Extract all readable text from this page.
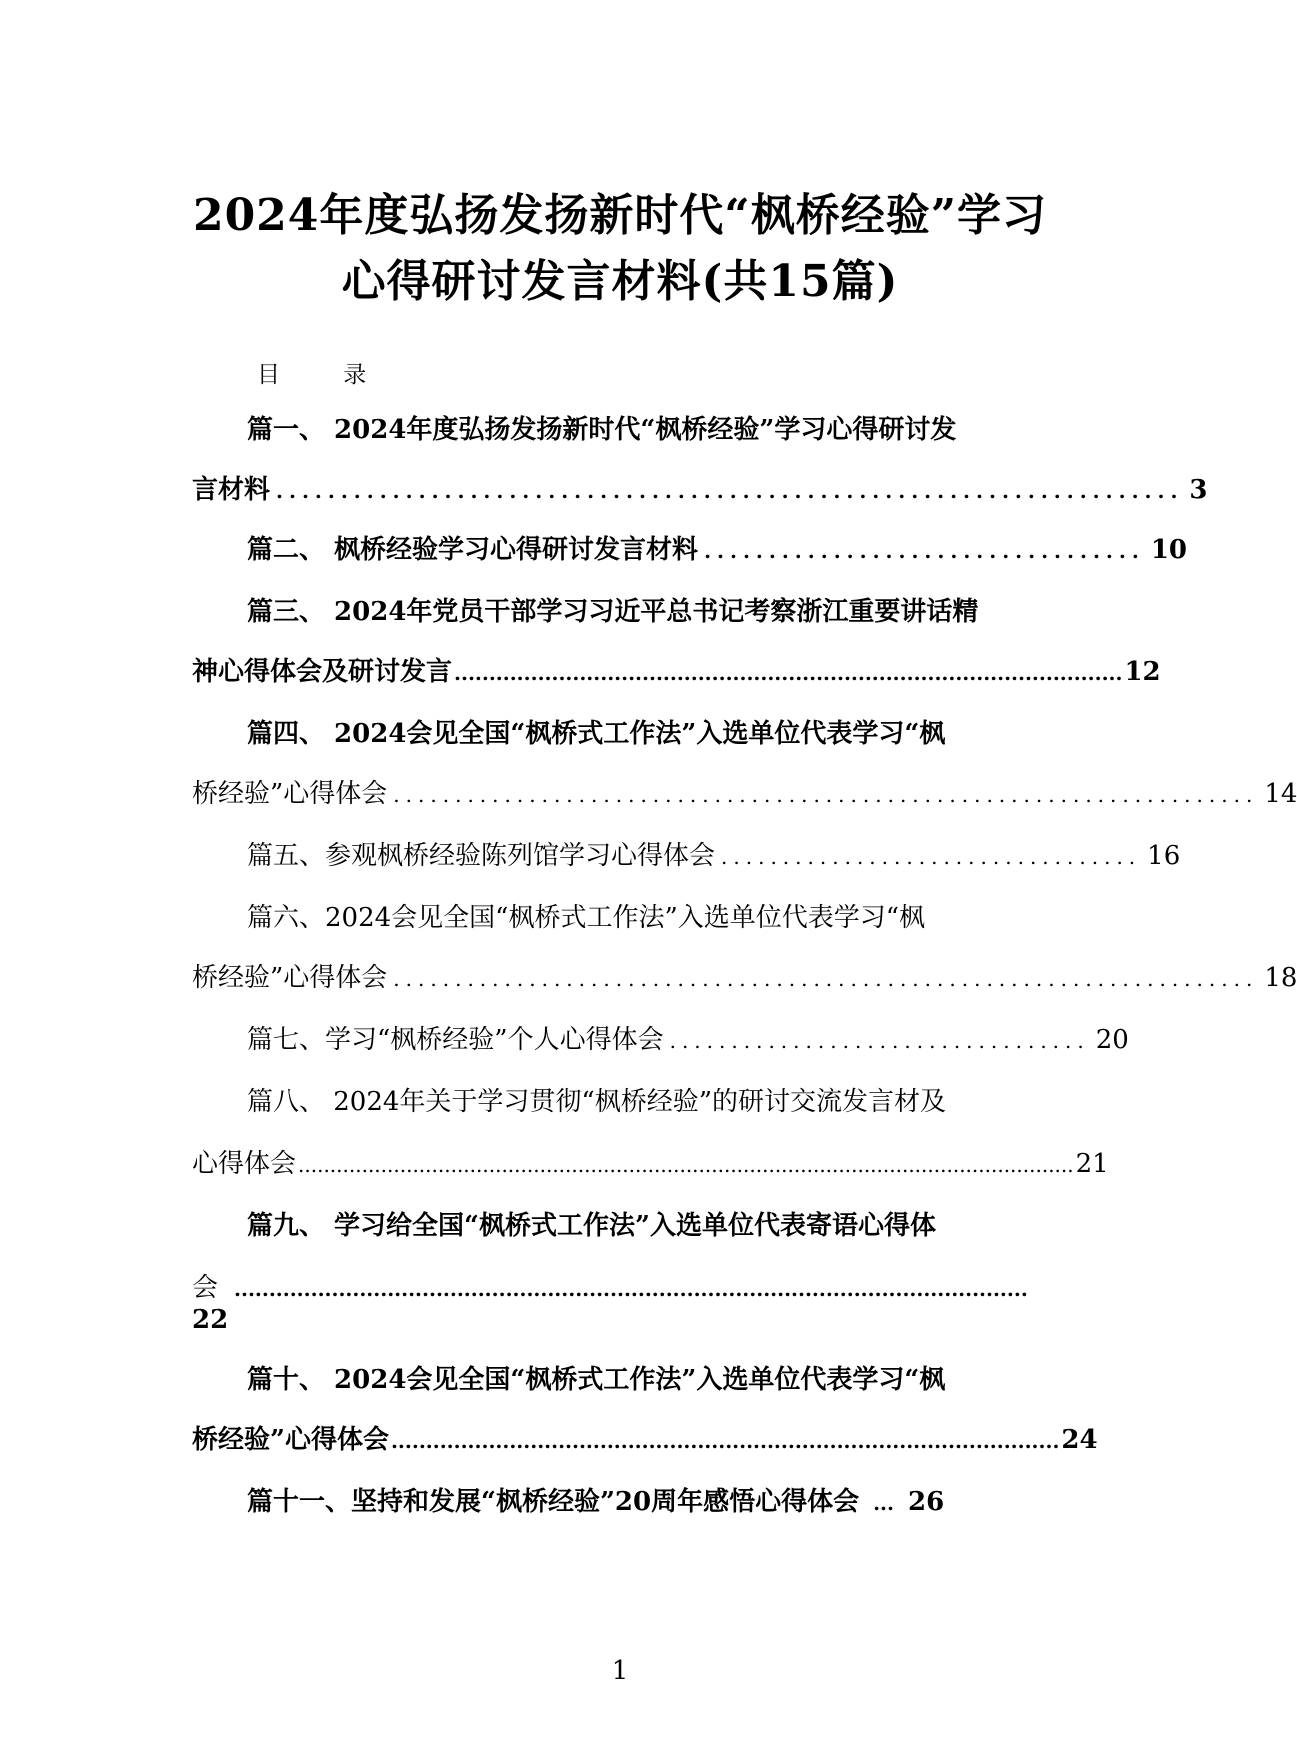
2024年度弘扬发扬新时代“枫桥经验”学习
心得研讨发言材料(共15篇)
目 录
篇一、 2024年度弘扬发扬新时代“枫桥经验”学习心得研讨发
言材料 ...................................................................... 3
篇二、 枫桥经验学习心得研讨发言材料 .................................. 10
篇三、 2024年党员干部学习习近平总书记考察浙江重要讲话精
神心得体会及研讨发言 ................................................................................................ 12
篇四、 2024会见全国“枫桥式工作法”入选单位代表学习“枫
桥经验”心得体会 ...................................................................... 14
篇五、参观枫桥经验陈列馆学习心得体会 .................................. 16
篇六、2024会见全国“枫桥式工作法”入选单位代表学习“枫
桥经验”心得体会 ...................................................................... 18
篇七、学习“枫桥经验”个人心得体会 .................................. 20
篇八、 2024年关于学习贯彻“枫桥经验”的研讨交流发言材及
心得体会 .......................................................................................................................... 21
篇九、 学习给全国“枫桥式工作法”入选单位代表寄语心得体
会 ..................................................................................................................
22
篇十、 2024会见全国“枫桥式工作法”入选单位代表学习“枫
桥经验”心得体会 ................................................................................................ 24
篇十一、坚持和发展“枫桥经验”20周年感悟心得体会 ... 26
1
